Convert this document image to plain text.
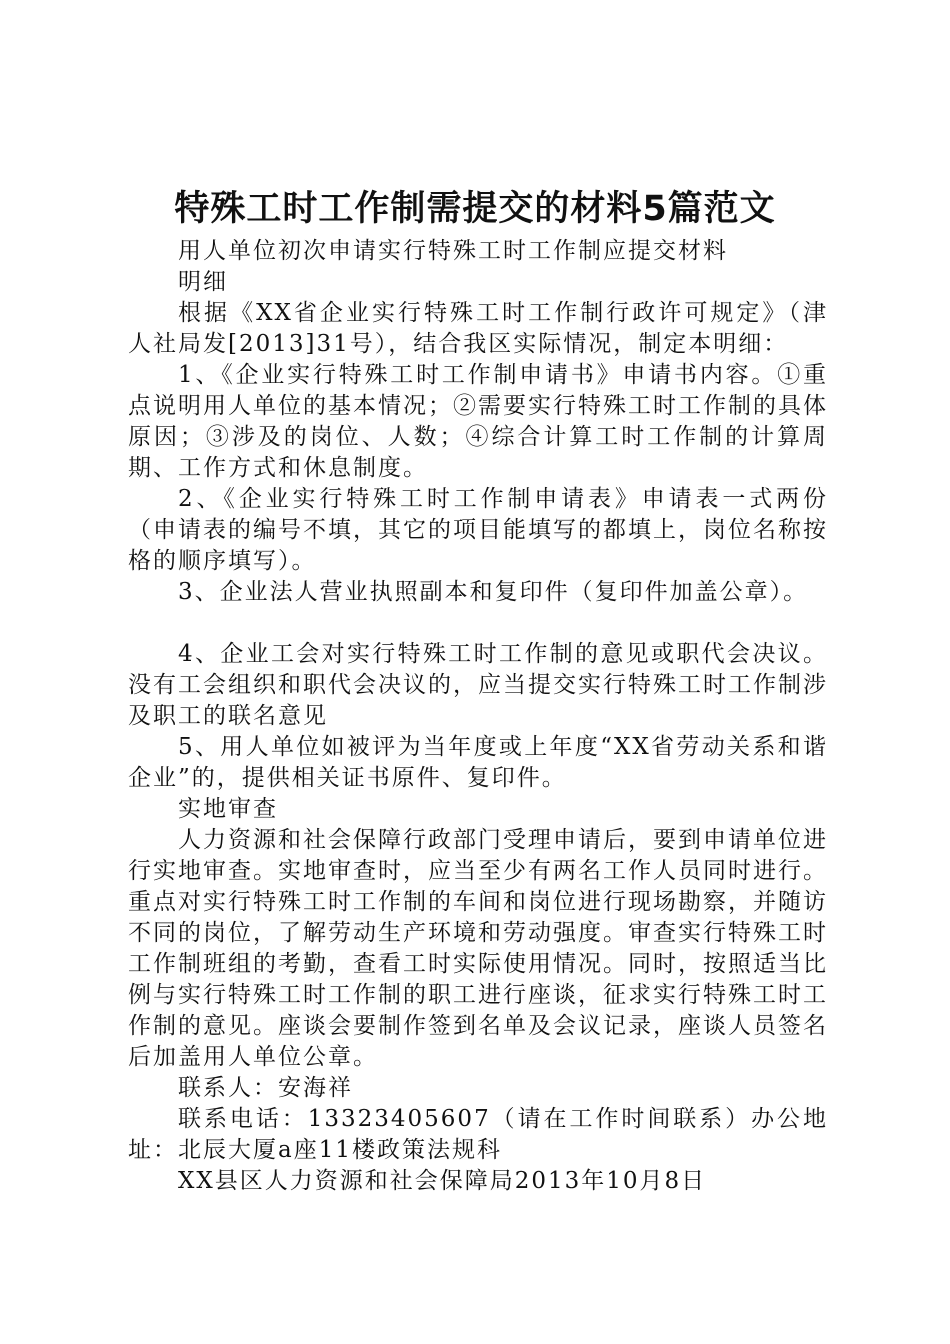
特殊工时工作制需提交的材料5篇范文

用人单位初次申请实行特殊工时工作制应提交材料
明细

根据《XX省企业实行特殊工时工作制行政许可规定》（津人社局发[2013]31号），结合我区实际情况，制定本明细：

1、《企业实行特殊工时工作制申请书》申请书内容。①重点说明用人单位的基本情况；②需要实行特殊工时工作制的具体原因；③涉及的岗位、人数；④综合计算工时工作制的计算周期、工作方式和休息制度。

2、《企业实行特殊工时工作制申请表》申请表一式两份（申请表的编号不填，其它的项目能填写的都填上，岗位名称按格的顺序填写）。

3、企业法人营业执照副本和复印件（复印件加盖公章）。

4、企业工会对实行特殊工时工作制的意见或职代会决议。没有工会组织和职代会决议的，应当提交实行特殊工时工作制涉及职工的联名意见

5、用人单位如被评为当年度或上年度“XX省劳动关系和谐企业”的，提供相关证书原件、复印件。

实地审查

人力资源和社会保障行政部门受理申请后，要到申请单位进行实地审查。实地审查时，应当至少有两名工作人员同时进行。重点对实行特殊工时工作制的车间和岗位进行现场勘察，并随访不同的岗位，了解劳动生产环境和劳动强度。审查实行特殊工时工作制班组的考勤，查看工时实际使用情况。同时，按照适当比例与实行特殊工时工作制的职工进行座谈，征求实行特殊工时工作制的意见。座谈会要制作签到名单及会议记录，座谈人员签名后加盖用人单位公章。

联系人：安海祥

联系电话：13323405607（请在工作时间联系）办公地址：北辰大厦a座11楼政策法规科

XX县区人力资源和社会保障局2013年10月8日
